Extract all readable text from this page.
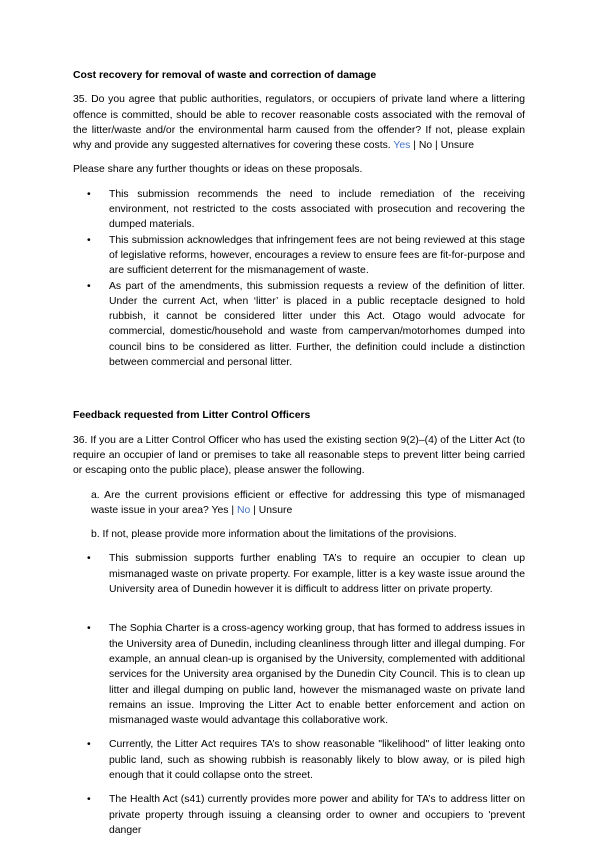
Cost recovery for removal of waste and correction of damage

35. Do you agree that public authorities, regulators, or occupiers of private land where a littering offence is committed, should be able to recover reasonable costs associated with the removal of the litter/waste and/or the environmental harm caused from the offender? If not, please explain why and provide any suggested alternatives for covering these costs. Yes | No | Unsure

Please share any further thoughts or ideas on these proposals.

• This submission recommends the need to include remediation of the receiving environment, not restricted to the costs associated with prosecution and recovering the dumped materials.
• This submission acknowledges that infringement fees are not being reviewed at this stage of legislative reforms, however, encourages a review to ensure fees are fit-for-purpose and are sufficient deterrent for the mismanagement of waste.
• As part of the amendments, this submission requests a review of the definition of litter. Under the current Act, when ‘litter’ is placed in a public receptacle designed to hold rubbish, it cannot be considered litter under this Act. Otago would advocate for commercial, domestic/household and waste from campervan/motorhomes dumped into council bins to be considered as litter. Further, the definition could include a distinction between commercial and personal litter.

Feedback requested from Litter Control Officers

36. If you are a Litter Control Officer who has used the existing section 9(2)–(4) of the Litter Act (to require an occupier of land or premises to take all reasonable steps to prevent litter being carried or escaping onto the public place), please answer the following.

a. Are the current provisions efficient or effective for addressing this type of mismanaged waste issue in your area? Yes | No | Unsure

b. If not, please provide more information about the limitations of the provisions.

• This submission supports further enabling TA’s to require an occupier to clean up mismanaged waste on private property. For example, litter is a key waste issue around the University area of Dunedin however it is difficult to address litter on private property.
• The Sophia Charter is a cross-agency working group, that has formed to address issues in the University area of Dunedin, including cleanliness through litter and illegal dumping. For example, an annual clean-up is organised by the University, complemented with additional services for the University area organised by the Dunedin City Council. This is to clean up litter and illegal dumping on public land, however the mismanaged waste on private land remains an issue. Improving the Litter Act to enable better enforcement and action on mismanaged waste would advantage this collaborative work.
• Currently, the Litter Act requires TA’s to show reasonable "likelihood" of litter leaking onto public land, such as showing rubbish is reasonably likely to blow away, or is piled high enough that it could collapse onto the street.
• The Health Act (s41) currently provides more power and ability for TA’s to address litter on private property through issuing a cleansing order to owner and occupiers to 'prevent danger
